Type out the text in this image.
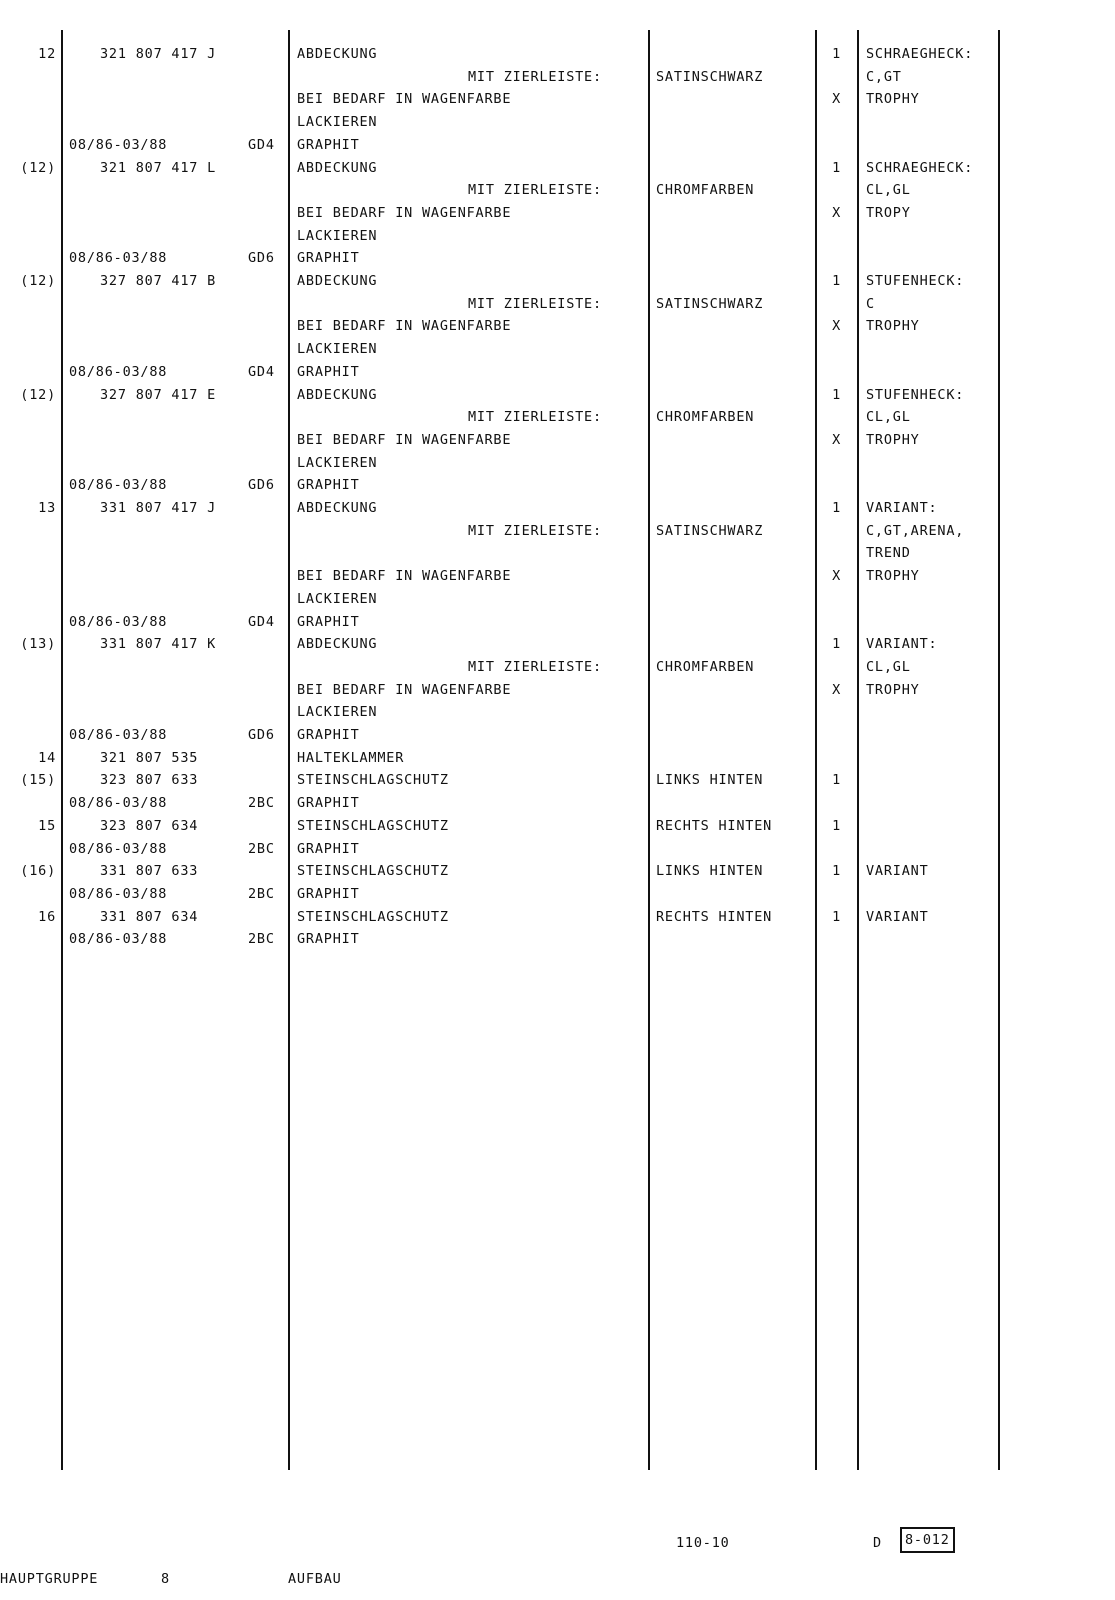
12	321 807 417 J	ABDECKUNG	1 SCHRAEGHECK:
MIT ZIERLEISTE:	SATINSCHWARZ	C,GT
BEI BEDARF IN WAGENFARBE	X TROPHY
LACKIEREN
08/86-03/88	GD4 GRAPHIT
(12)	321 807 417 L	ABDECKUNG	1 SCHRAEGHECK:
MIT ZIERLEISTE:	CHROMFARBEN	CL,GL
BEI BEDARF IN WAGENFARBE	X TROPY
LACKIEREN
08/86-03/88	GD6 GRAPHIT
(12)	327 807 417 B	ABDECKUNG	1 STUFENHECK:
MIT ZIERLEISTE:	SATINSCHWARZ	C
BEI BEDARF IN WAGENFARBE	X TROPHY
LACKIEREN
08/86-03/88	GD4 GRAPHIT
(12)	327 807 417 E	ABDECKUNG	1 STUFENHECK:
MIT ZIERLEISTE:	CHROMFARBEN	CL,GL
BEI BEDARF IN WAGENFARBE	X TROPHY
LACKIEREN
08/86-03/88	GD6 GRAPHIT
13	331 807 417 J	ABDECKUNG	1 VARIANT:
MIT ZIERLEISTE:	SATINSCHWARZ	C,GT,ARENA,
TREND
BEI BEDARF IN WAGENFARBE	X TROPHY
LACKIEREN
08/86-03/88	GD4 GRAPHIT
(13)	331 807 417 K	ABDECKUNG	1 VARIANT:
MIT ZIERLEISTE:	CHROMFARBEN	CL,GL
BEI BEDARF IN WAGENFARBE	X TROPHY
LACKIEREN
08/86-03/88	GD6 GRAPHIT
14	321 807 535	HALTEKLAMMER
(15)	323 807 633	STEINSCHLAGSCHUTZ	LINKS HINTEN	1
08/86-03/88	2BC GRAPHIT
15	323 807 634	STEINSCHLAGSCHUTZ	RECHTS HINTEN	1
08/86-03/88	2BC GRAPHIT
(16)	331 807 633	STEINSCHLAGSCHUTZ	LINKS HINTEN	1 VARIANT
08/86-03/88	2BC GRAPHIT
16	331 807 634	STEINSCHLAGSCHUTZ	RECHTS HINTEN	1 VARIANT
08/86-03/88	2BC GRAPHIT
110-10	D	8-012
HAUPTGRUPPE	8	AUFBAU
